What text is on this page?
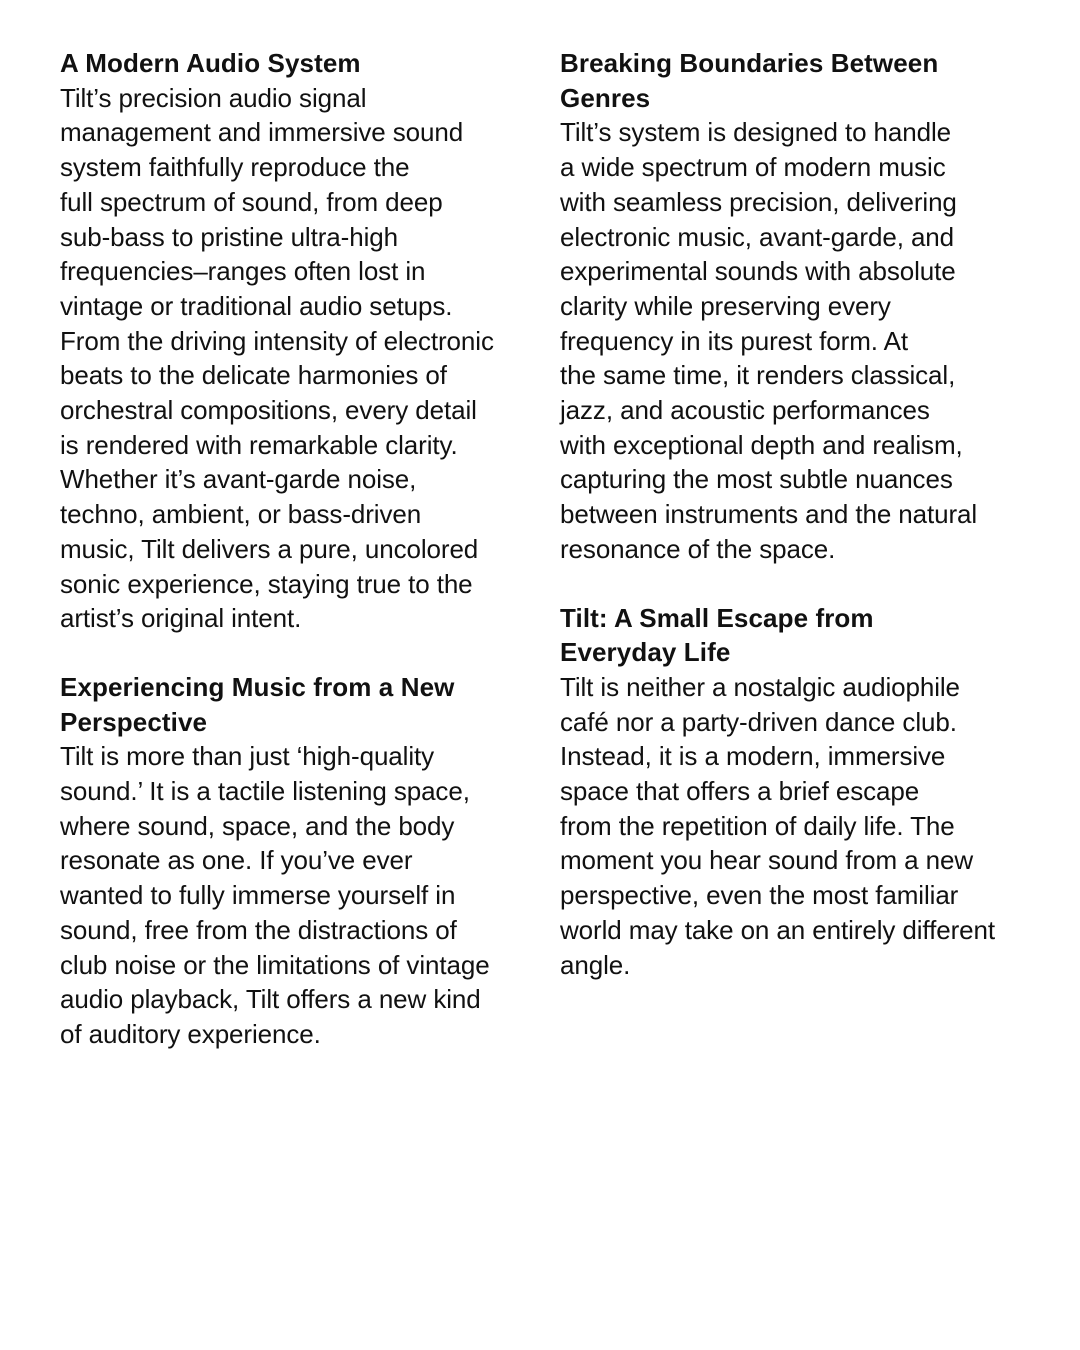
A Modern Audio System

Tilt’s precision audio signal
management and immersive sound
system faithfully reproduce the
full spectrum of sound, from deep
sub-bass to pristine ultra-high
frequencies–ranges often lost in
vintage or traditional audio setups.
From the driving intensity of electronic
beats to the delicate harmonies of
orchestral compositions, every detail
is rendered with remarkable clarity.
Whether it’s avant-garde noise,
techno, ambient, or bass-driven
music, Tilt delivers a pure, uncolored
sonic experience, staying true to the
artist’s original intent.

Experiencing Music from a New
Perspective

Tilt is more than just ‘high-quality
sound.’ It is a tactile listening space,
where sound, space, and the body
resonate as one. If you’ve ever
wanted to fully immerse yourself in
sound, free from the distractions of
club noise or the limitations of vintage
audio playback, Tilt offers a new kind
of auditory experience.

Breaking Boundaries Between
Genres

Tilt’s system is designed to handle
a wide spectrum of modern music
with seamless precision, delivering
electronic music, avant-garde, and
experimental sounds with absolute
clarity while preserving every
frequency in its purest form. At
the same time, it renders classical,
jazz, and acoustic performances
with exceptional depth and realism,
capturing the most subtle nuances
between instruments and the natural
resonance of the space.

Tilt: A Small Escape from
Everyday Life

Tilt is neither a nostalgic audiophile
café nor a party-driven dance club.
Instead, it is a modern, immersive
space that offers a brief escape
from the repetition of daily life. The
moment you hear sound from a new
perspective, even the most familiar
world may take on an entirely different
angle.
